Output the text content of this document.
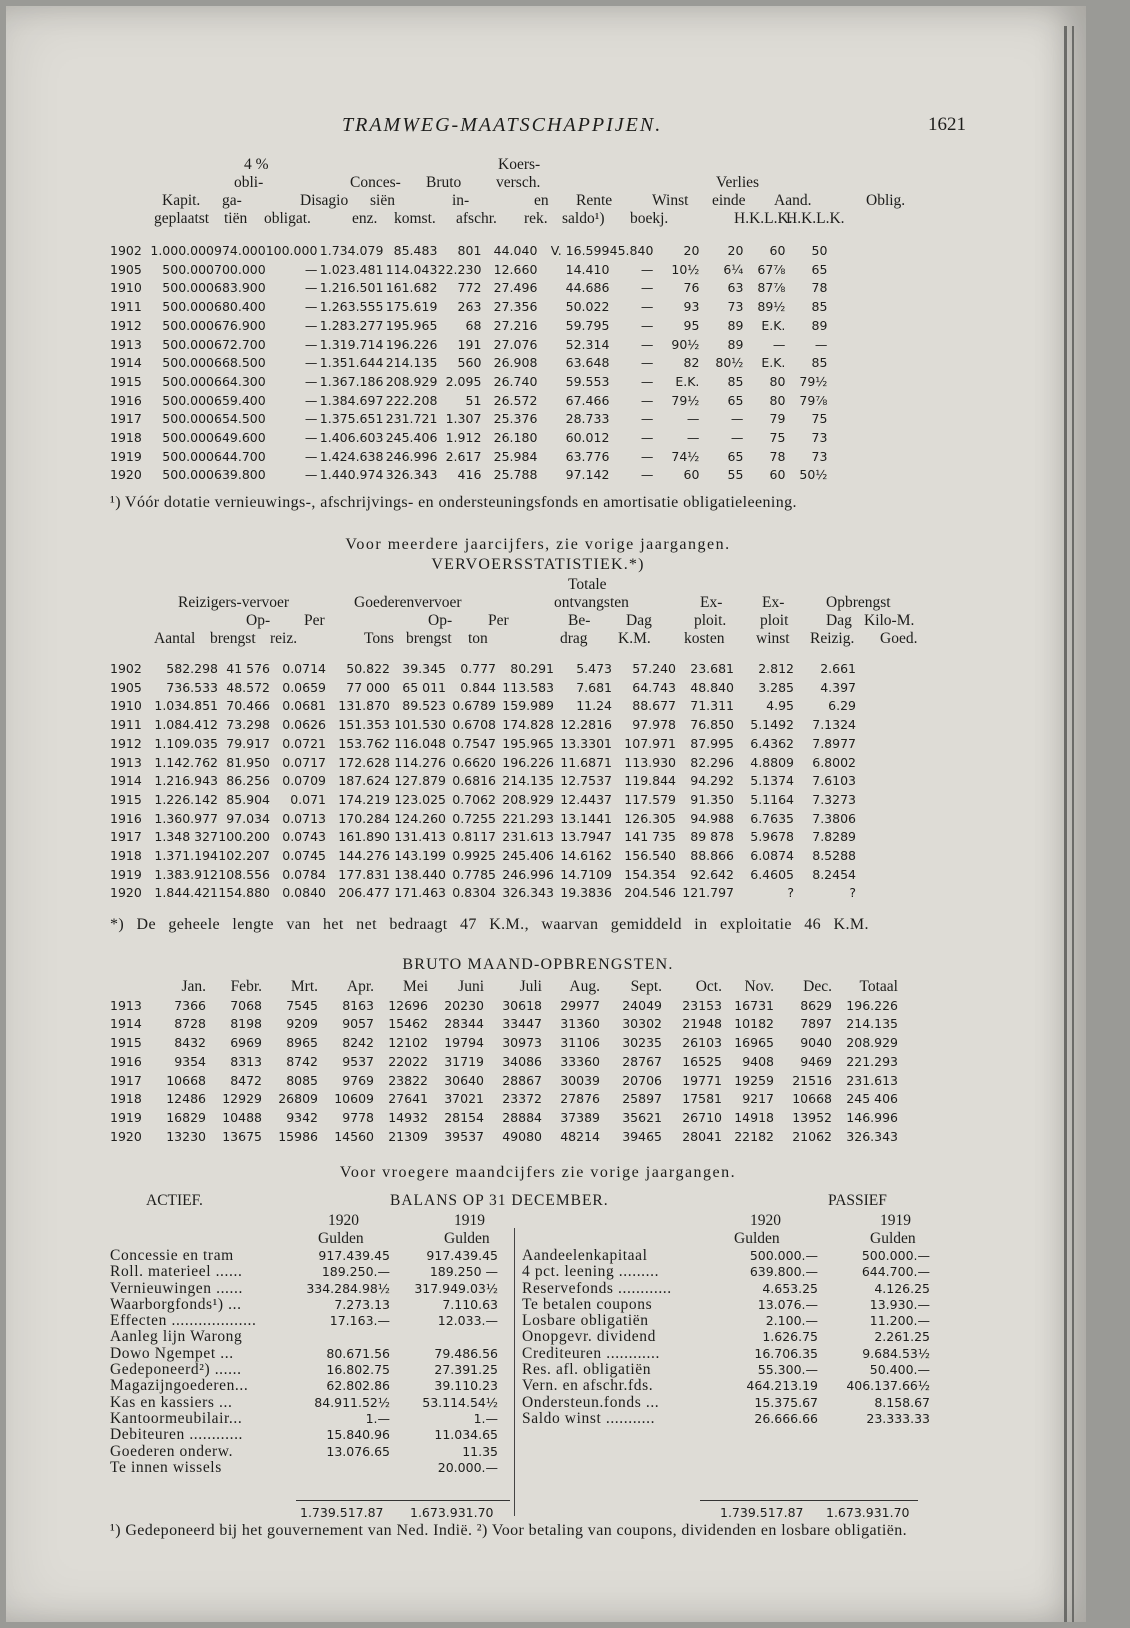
TRAMWEG-MAATSCHAPPIJEN.	1621
4 %	Koers-
obli-	Conces- Bruto versch.	Verlies
Kapit. ga-	Disagio siën	in-	en Rente	Winst einde Aand.	Oblig.
geplaatst tiën obligat.	enz. komst. afschr. rek. saldo¹) boekj.	H.K.L.K.
H.K.L.K.
1902	1.000.000	974.000	100.000	1.734.079	85.483	801	44.040	V. 16.599	45.840	20	20	60	50
1905	500.000	700.000	—	1.023.481	114.043	22.230	12.660	14.410	—	10½	6¼	67⅞	65
1910	500.000	683.900	—	1.216.501	161.682	772	27.496	44.686	—	76	63	87⅞	78
1911	500.000	680.400	—	1.263.555	175.619	263	27.356	50.022	—	93	73	89½	85
1912	500.000	676.900	—	1.283.277	195.965	68	27.216	59.795	—	95	89	E.K.	89
1913	500.000	672.700	—	1.319.714	196.226	191	27.076	52.314	—	90½	89	—	—
1914	500.000	668.500	—	1.351.644	214.135	560	26.908	63.648	—	82	80½	E.K.	85
1915	500.000	664.300	—	1.367.186	208.929	2.095	26.740	59.553	—	E.K.	85	80	79½
1916	500.000	659.400	—	1.384.697	222.208	51	26.572	67.466	—	79½	65	80	79⅞
1917	500.000	654.500	—	1.375.651	231.721	1.307	25.376	28.733	—	—	—	79	75
1918	500.000	649.600	—	1.406.603	245.406	1.912	26.180	60.012	—	—	—	75	73
1919	500.000	644.700	—	1.424.638	246.996	2.617	25.984	63.776	—	74½	65	78	73
1920	500.000	639.800	—	1.440.974	326.343	416	25.788	97.142	—	60	55	60	50½
¹) Vóór dotatie vernieuwings-, afschrijvings- en ondersteuningsfonds en amortisatie obligatieleening.
Voor meerdere jaarcijfers, zie vorige jaargangen.
VERVOERSSTATISTIEK.*)
Totale
Reizigers-vervoer	Goederenvervoer	ontvangsten	Ex-	Ex-	Opbrengst
Op- Per	Op- Per	Be- Dag	ploit. ploit Dag Kilo-M.
Aantal brengst reiz.	Tons brengst ton	drag K.M. kosten winst Reizig. Goed.
1902	582.298	41 576	0.0714	50.822	39.345	0.777	80.291	5.473	57.240	23.681	2.812	2.661
1905	736.533	48.572	0.0659	77 000	65 011	0.844	113.583	7.681	64.743	48.840	3.285	4.397
1910	1.034.851	70.466	0.0681	131.870	89.523	0.6789	159.989	11.24	88.677	71.311	4.95	6.29
1911	1.084.412	73.298	0.0626	151.353	101.530	0.6708	174.828	12.2816	97.978	76.850	5.1492	7.1324
1912	1.109.035	79.917	0.0721	153.762	116.048	0.7547	195.965	13.3301	107.971	87.995	6.4362	7.8977
1913	1.142.762	81.950	0.0717	172.628	114.276	0.6620	196.226	11.6871	113.930	82.296	4.8809	6.8002
1914	1.216.943	86.256	0.0709	187.624	127.879	0.6816	214.135	12.7537	119.844	94.292	5.1374	7.6103
1915	1.226.142	85.904	0.071	174.219	123.025	0.7062	208.929	12.4437	117.579	91.350	5.1164	7.3273
1916	1.360.977	97.034	0.0713	170.284	124.260	0.7255	221.293	13.1441	126.305	94.988	6.7635	7.3806
1917	1.348 327	100.200	0.0743	161.890	131.413	0.8117	231.613	13.7947	141 735	89 878	5.9678	7.8289
1918	1.371.194	102.207	0.0745	144.276	143.199	0.9925	245.406	14.6162	156.540	88.866	6.0874	8.5288
1919	1.383.912	108.556	0.0784	177.831	138.440	0.7785	246.996	14.7109	154.354	92.642	6.4605	8.2454
1920	1.844.421	154.880	0.0840	206.477	171.463	0.8304	326.343	19.3836	204.546	121.797	?	?
*) De geheele lengte van het net bedraagt 47 K.M., waarvan gemiddeld in exploitatie 46 K.M.
BRUTO MAAND-OPBRENGSTEN.
	Jan.	Febr.	Mrt.	Apr.	Mei	Juni	Juli	Aug.	Sept.	Oct.	Nov.	Dec.	Totaal
1913	7366	7068	7545	8163	12696	20230	30618	29977	24049	23153	16731	8629	196.226
1914	8728	8198	9209	9057	15462	28344	33447	31360	30302	21948	10182	7897	214.135
1915	8432	6969	8965	8242	12102	19794	30973	31106	30235	26103	16965	9040	208.929
1916	9354	8313	8742	9537	22022	31719	34086	33360	28767	16525	9408	9469	221.293
1917	10668	8472	8085	9769	23822	30640	28867	30039	20706	19771	19259	21516	231.613
1918	12486	12929	26809	10609	27641	37021	23372	27876	25897	17581	9217	10668	245 406
1919	16829	10488	9342	9778	14932	28154	28884	37389	35621	26710	14918	13952	146.996
1920	13230	13675	15986	14560	21309	39537	49080	48214	39465	28041	22182	21062	326.343
Voor vroegere maandcijfers zie vorige jaargangen.
ACTIEF.	BALANS OP 31 DECEMBER.	PASSIEF
1920	1919	1920	1919
Gulden	Gulden	Gulden	Gulden
Concessie en tram	917.439.45	917.439.45
Roll. materieel ......	189.250.—	189.250 —
Vernieuwingen ......	334.284.98½	317.949.03½
Waarborgfonds¹) ...	7.273.13	7.110.63
Effecten ...................	17.163.—	12.033.—
Aanleg lijn Warong		
Dowo Ngempet ...	80.671.56	79.486.56
Gedeponeerd²) ......	16.802.75	27.391.25
Magazijngoederen...	62.802.86	39.110.23
Kas en kassiers ...	84.911.52½	53.114.54½
Kantoormeubilair...	1.—	1.—
Debiteuren ............	15.840.96	11.034.65
Goederen onderw.	13.076.65	11.35
Te innen wissels		20.000.—
Aandeelenkapitaal	500.000.—	500.000.—
4 pct. leening .........	639.800.—	644.700.—
Reservefonds ............	4.653.25	4.126.25
Te betalen coupons	13.076.—	13.930.—
Losbare obligatiën	2.100.—	11.200.—
Onopgevr. dividend	1.626.75	2.261.25
Crediteuren ............	16.706.35	9.684.53½
Res. afl. obligatiën	55.300.—	50.400.—
Vern. en afschr.fds.	464.213.19	406.137.66½
Ondersteun.fonds ...	15.375.67	8.158.67
Saldo winst ...........	26.666.66	23.333.33
1.739.517.87 1.673.931.70	1.739.517.87 1.673.931.70
¹) Gedeponeerd bij het gouvernement van Ned. Indië. ²) Voor betaling van coupons, dividenden en losbare obligatiën.
